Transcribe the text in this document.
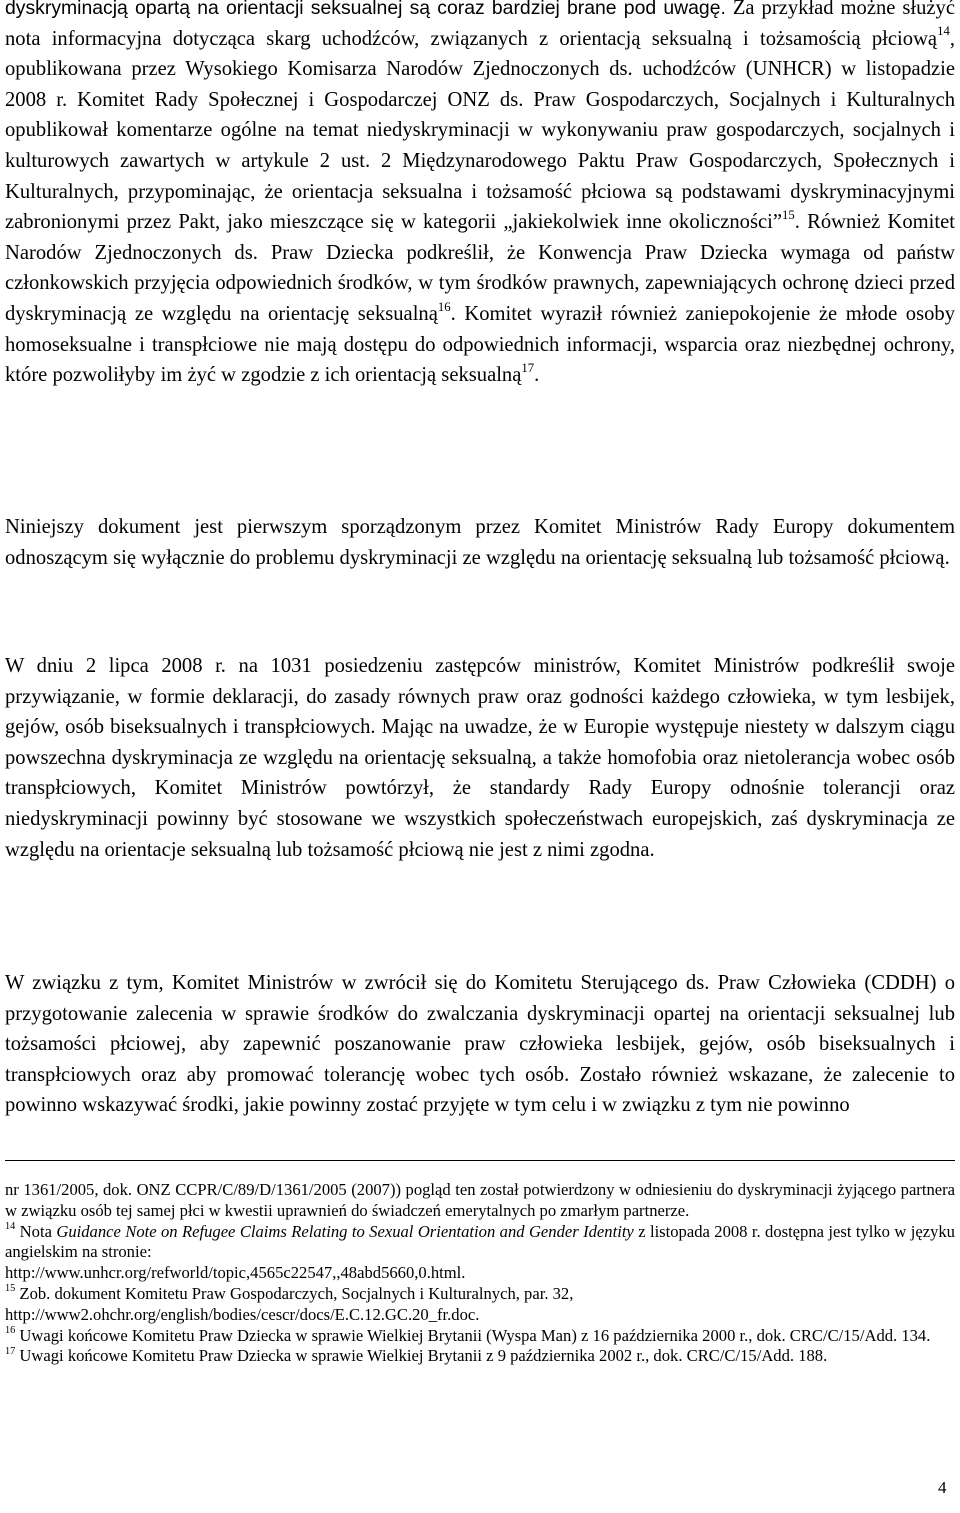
dyskryminacją opartą na orientacji seksualnej są coraz bardziej brane pod uwagę. Za przykład możne służyć nota informacyjna dotycząca skarg uchodźców, związanych z orientacją seksualną i tożsamością płciową$^{14}$, opublikowana przez Wysokiego Komisarza Narodów Zjednoczonych ds. uchodźców (UNHCR) w listopadzie 2008 r. Komitet Rady Społecznej i Gospodarczej ONZ ds. Praw Gospodarczych, Socjalnych i Kulturalnych opublikował komentarze ogólne na temat niedyskryminacji w wykonywaniu praw gospodarczych, socjalnych i kulturowych zawartych w artykule 2 ust. 2 Międzynarodowego Paktu Praw Gospodarczych, Społecznych i Kulturalnych, przypominając, że orientacja seksualna i tożsamość płciowa są podstawami dyskryminacyjnymi zabronionymi przez Pakt, jako mieszczące się w kategorii „jakiekolwiek inne okoliczności”$^{15}$. Również Komitet Narodów Zjednoczonych ds. Praw Dziecka podkreślił, że Konwencja Praw Dziecka wymaga od państw członkowskich przyjęcia odpowiednich środków, w tym środków prawnych, zapewniających ochronę dzieci przed dyskryminacją ze względu na orientację seksualną$^{16}$. Komitet wyraził również zaniepokojenie że młode osoby homoseksualne i transpłciowe nie mają dostępu do odpowiednich informacji, wsparcia oraz niezbędnej ochrony, które pozwoliłyby im żyć w zgodzie z ich orientacją seksualną$^{17}$.

Niniejszy dokument jest pierwszym sporządzonym przez Komitet Ministrów Rady Europy dokumentem odnoszącym się wyłącznie do problemu dyskryminacji ze względu na orientację seksualną lub tożsamość płciową.

W dniu 2 lipca 2008 r. na 1031 posiedzeniu zastępców ministrów, Komitet Ministrów podkreślił swoje przywiązanie, w formie deklaracji, do zasady równych praw oraz godności każdego człowieka, w tym lesbijek, gejów, osób biseksualnych i transpłciowych. Mając na uwadze, że w Europie występuje niestety w dalszym ciągu powszechna dyskryminacja ze względu na orientację seksualną, a także homofobia oraz nietolerancja wobec osób transpłciowych, Komitet Ministrów powtórzył, że standardy Rady Europy odnośnie tolerancji oraz niedyskryminacji powinny być stosowane we wszystkich społeczeństwach europejskich, zaś dyskryminacja ze względu na orientacje seksualną lub tożsamość płciową nie jest z nimi zgodna.

W związku z tym, Komitet Ministrów w zwrócił się do Komitetu Sterującego ds. Praw Człowieka (CDDH) o przygotowanie zalecenia w sprawie środków do zwalczania dyskryminacji opartej na orientacji seksualnej lub tożsamości płciowej, aby zapewnić poszanowanie praw człowieka lesbijek, gejów, osób biseksualnych i transpłciowych oraz aby promować tolerancję wobec tych osób. Zostało również wskazane, że zalecenie to powinno wskazywać środki, jakie powinny zostać przyjęte w tym celu i w związku z tym nie powinno

nr 1361/2005, dok. ONZ CCPR/C/89/D/1361/2005 (2007)) pogląd ten został potwierdzony w odniesieniu do dyskryminacji żyjącego partnera w związku osób tej samej płci w kwestii uprawnień do świadczeń emerytalnych po zmarłym partnerze.

$^{14}$ Nota Guidance Note on Refugee Claims Relating to Sexual Orientation and Gender Identity z listopada 2008 r. dostępna jest tylko w języku angielskim na stronie:
http://www.unhcr.org/refworld/topic,4565c22547,,48abd5660,0.html.

$^{15}$ Zob. dokument Komitetu Praw Gospodarczych, Socjalnych i Kulturalnych, par. 32,
http://www2.ohchr.org/english/bodies/cescr/docs/E.C.12.GC.20_fr.doc.

$^{16}$ Uwagi końcowe Komitetu Praw Dziecka w sprawie Wielkiej Brytanii (Wyspa Man) z 16 października 2000 r., dok. CRC/C/15/Add. 134.

$^{17}$ Uwagi końcowe Komitetu Praw Dziecka w sprawie Wielkiej Brytanii z 9 października 2002 r., dok. CRC/C/15/Add. 188.

4
